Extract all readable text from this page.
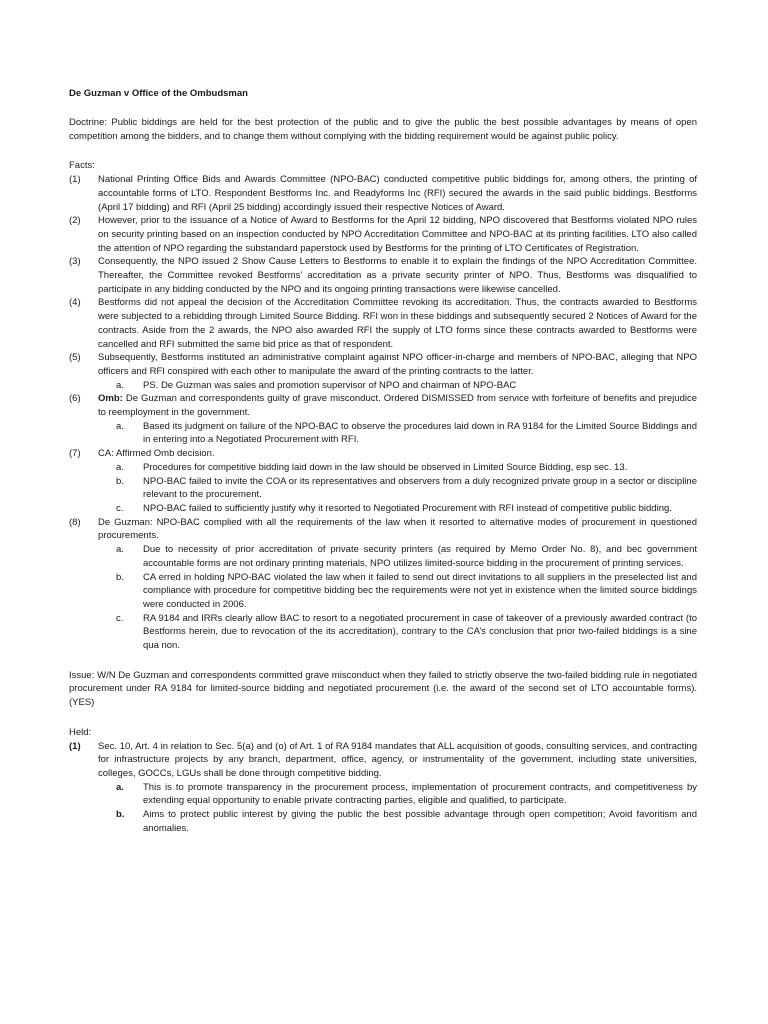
De Guzman v Office of the Ombudsman

Doctrine: Public biddings are held for the best protection of the public and to give the public the best possible advantages by means of open competition among the bidders, and to change them without complying with the bidding requirement would be against public policy.

Facts:

(1) National Printing Office Bids and Awards Committee (NPO-BAC) conducted competitive public biddings for, among others, the printing of accountable forms of LTO. Respondent Bestforms Inc. and Readyforms Inc (RFI) secured the awards in the said public biddings. Bestforms (April 17 bidding) and RFI (April 25 bidding) accordingly issued their respective Notices of Award.
(2) However, prior to the issuance of a Notice of Award to Bestforms for the April 12 bidding, NPO discovered that Bestforms violated NPO rules on security printing based on an inspection conducted by NPO Accreditation Committee and NPO-BAC at its printing facilities. LTO also called the attention of NPO regarding the substandard paperstock used by Bestforms for the printing of LTO Certificates of Registration.
(3) Consequently, the NPO issued 2 Show Cause Letters to Bestforms to enable it to explain the findings of the NPO Accreditation Committee. Thereafter, the Committee revoked Bestforms’ accreditation as a private security printer of NPO. Thus, Bestforms was disqualified to participate in any bidding conducted by the NPO and its ongoing printing transactions were likewise cancelled.
(4) Bestforms did not appeal the decision of the Accreditation Committee revoking its accreditation. Thus, the contracts awarded to Bestforms were subjected to a rebidding through Limited Source Bidding. RFI won in these biddings and subsequently secured 2 Notices of Award for the contracts. Aside from the 2 awards, the NPO also awarded RFI the supply of LTO forms since these contracts awarded to Bestforms were cancelled and RFI submitted the same bid price as that of respondent.
(5) Subsequently, Bestforms instituted an administrative complaint against NPO officer-in-charge and members of NPO-BAC, alleging that NPO officers and RFI conspired with each other to manipulate the award of the printing contracts to the latter.
a. PS. De Guzman was sales and promotion supervisor of NPO and chairman of NPO-BAC
(6) Omb: De Guzman and correspondents guilty of grave misconduct. Ordered DISMISSED from service with forfeiture of benefits and prejudice to reemployment in the government.
a. Based its judgment on failure of the NPO-BAC to observe the procedures laid down in RA 9184 for the Limited Source Biddings and in entering into a Negotiated Procurement with RFI.
(7) CA: Affirmed Omb decision.
a. Procedures for competitive bidding laid down in the law should be observed in Limited Source Bidding, esp sec. 13.
b. NPO-BAC failed to invite the COA or its representatives and observers from a duly recognized private group in a sector or discipline relevant to the procurement.
c. NPO-BAC failed to sufficiently justify why it resorted to Negotiated Procurement with RFI instead of competitive public bidding.
(8) De Guzman: NPO-BAC complied with all the requirements of the law when it resorted to alternative modes of procurement in questioned procurements.
a. Due to necessity of prior accreditation of private security printers (as required by Memo Order No. 8), and bec government accountable forms are not ordinary printing materials, NPO utilizes limited-source bidding in the procurement of printing services.
b. CA erred in holding NPO-BAC violated the law when it failed to send out direct invitations to all suppliers in the preselected list and compliance with procedure for competitive bidding bec the requirements were not yet in existence when the limited source biddings were conducted in 2006.
c. RA 9184 and IRRs clearly allow BAC to resort to a negotiated procurement in case of takeover of a previously awarded contract (to Bestforms herein, due to revocation of the its accreditation), contrary to the CA’s conclusion that prior two-failed biddings is a sine qua non.

Issue: W/N De Guzman and correspondents committed grave misconduct when they failed to strictly observe the two-failed bidding rule in negotiated procurement under RA 9184 for limited-source bidding and negotiated procurement (i.e. the award of the second set of LTO accountable forms). (YES)

Held:

(1) Sec. 10, Art. 4 in relation to Sec. 5(a) and (o) of Art. 1 of RA 9184 mandates that ALL acquisition of goods, consulting services, and contracting for infrastructure projects by any branch, department, office, agency, or instrumentality of the government, including state universities, colleges, GOCCs, LGUs shall be done through competitive bidding.
a. This is to promote transparency in the procurement process, implementation of procurement contracts, and competitiveness by extending equal opportunity to enable private contracting parties, eligible and qualified, to participate.
b. Aims to protect public interest by giving the public the best possible advantage through open competition; Avoid favoritism and anomalies.
